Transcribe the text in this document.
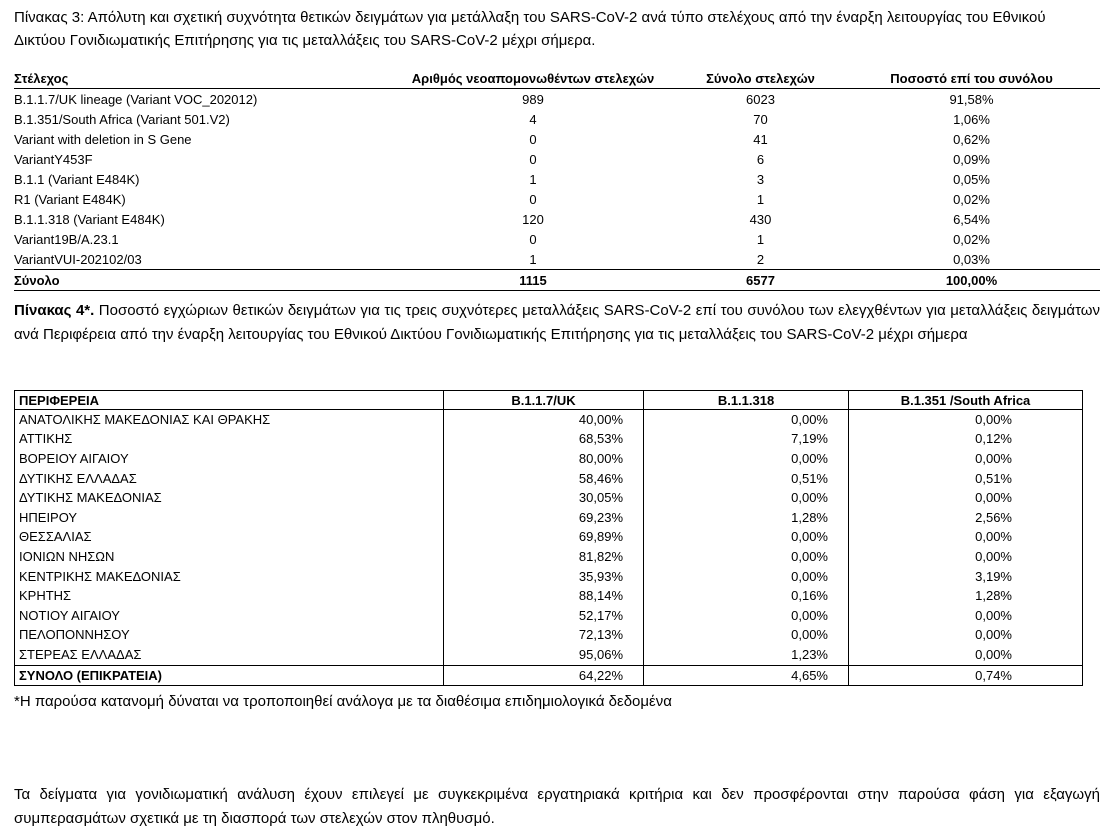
Πίνακας 3: Απόλυτη και σχετική συχνότητα θετικών δειγμάτων για μετάλλαξη του SARS-CoV-2 ανά τύπο στελέχους από την έναρξη λειτουργίας του Εθνικού Δικτύου Γονιδιωματικής Επιτήρησης για τις μεταλλάξεις του SARS-CoV-2 μέχρι σήμερα.
Στέλεχος	Αριθμός νεοαπομονωθέντων στελεχών	Σύνολο στελεχών	Ποσοστό επί του συνόλου
B.1.1.7/UK lineage (Variant VOC_202012)	989	6023	91,58%
B.1.351/South Africa (Variant 501.V2)	4	70	1,06%
Variant with deletion in S Gene	0	41	0,62%
VariantY453F	0	6	0,09%
B.1.1 (Variant E484K)	1	3	0,05%
R1 (Variant E484K)	0	1	0,02%
B.1.1.318 (Variant E484K)	120	430	6,54%
Variant19B/A.23.1	0	1	0,02%
VariantVUI-202102/03	1	2	0,03%
Σύνολο	1115	6577	100,00%
Πίνακας 4*. Ποσοστό εγχώριων θετικών δειγμάτων για τις τρεις συχνότερες μεταλλάξεις SARS-CoV-2 επί του συνόλου των ελεγχθέντων για μεταλλάξεις δειγμάτων ανά Περιφέρεια από την έναρξη λειτουργίας του Εθνικού Δικτύου Γονιδιωματικής Επιτήρησης για τις μεταλλάξεις του SARS-CoV-2 μέχρι σήμερα
ΠΕΡΙΦΕΡΕΙΑ	B.1.1.7/UK	B.1.1.318	B.1.351 /South Africa
ΑΝΑΤΟΛΙΚΗΣ ΜΑΚΕΔΟΝΙΑΣ ΚΑΙ ΘΡΑΚΗΣ	40,00%	0,00%	0,00%
ΑΤΤΙΚΗΣ	68,53%	7,19%	0,12%
ΒΟΡΕΙΟΥ ΑΙΓΑΙΟΥ	80,00%	0,00%	0,00%
ΔΥΤΙΚΗΣ ΕΛΛΑΔΑΣ	58,46%	0,51%	0,51%
ΔΥΤΙΚΗΣ ΜΑΚΕΔΟΝΙΑΣ	30,05%	0,00%	0,00%
ΗΠΕΙΡΟΥ	69,23%	1,28%	2,56%
ΘΕΣΣΑΛΙΑΣ	69,89%	0,00%	0,00%
ΙΟΝΙΩΝ ΝΗΣΩΝ	81,82%	0,00%	0,00%
ΚΕΝΤΡΙΚΗΣ ΜΑΚΕΔΟΝΙΑΣ	35,93%	0,00%	3,19%
ΚΡΗΤΗΣ	88,14%	0,16%	1,28%
ΝΟΤΙΟΥ ΑΙΓΑΙΟΥ	52,17%	0,00%	0,00%
ΠΕΛΟΠΟΝΝΗΣΟΥ	72,13%	0,00%	0,00%
ΣΤΕΡΕΑΣ ΕΛΛΑΔΑΣ	95,06%	1,23%	0,00%
ΣΥΝΟΛΟ (ΕΠΙΚΡΑΤΕΙΑ)	64,22%	4,65%	0,74%
*Η παρούσα κατανομή δύναται να τροποποιηθεί ανάλογα με τα διαθέσιμα επιδημιολογικά δεδομένα
Τα δείγματα για γονιδιωματική ανάλυση έχουν επιλεγεί με συγκεκριμένα εργατηριακά κριτήρια και δεν προσφέρονται στην παρούσα φάση για εξαγωγή συμπερασμάτων σχετικά με τη διασπορά των στελεχών στον πληθυσμό.
